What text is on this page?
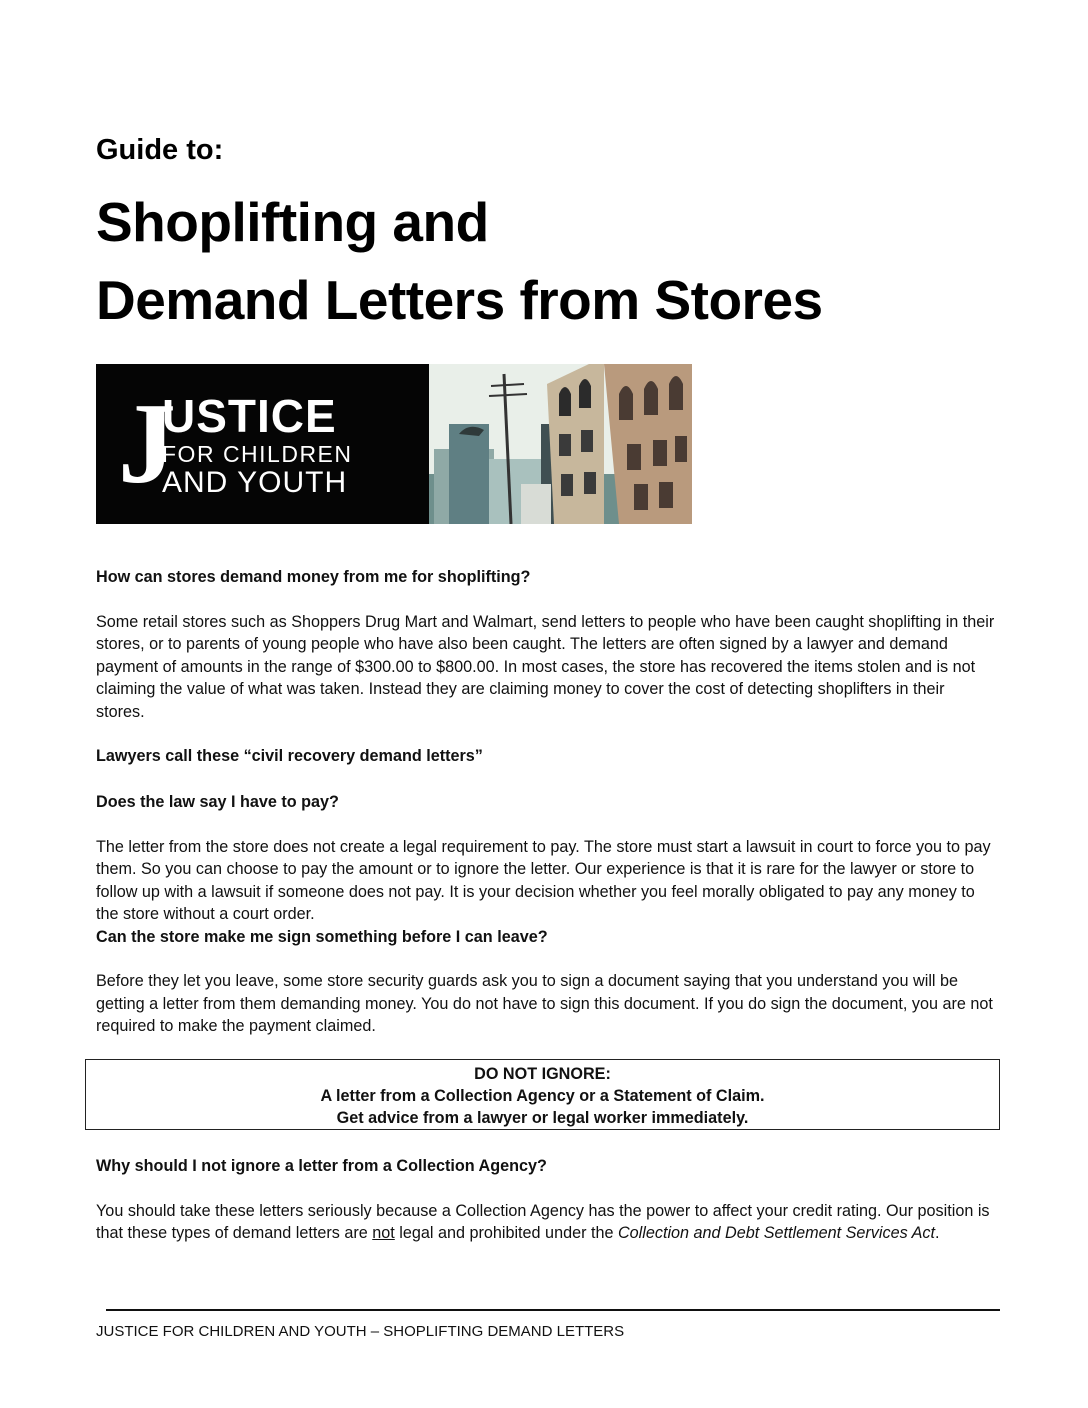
Guide to:
Shoplifting and
Demand Letters from Stores
J
USTICE
FOR CHILDREN
AND YOUTH

How can stores demand money from me for shoplifting?

Some retail stores such as Shoppers Drug Mart and Walmart, send letters to people who have been caught shoplifting in their stores, or to parents of young people who have also been caught. The letters are often signed by a lawyer and demand payment of amounts in the range of $300.00 to $800.00. In most cases, the store has recovered the items stolen and is not claiming the value of what was taken. Instead they are claiming money to cover the cost of detecting shoplifters in their stores.

Lawyers call these “civil recovery demand letters”

Does the law say I have to pay?

The letter from the store does not create a legal requirement to pay. The store must start a lawsuit in court to force you to pay them. So you can choose to pay the amount or to ignore the letter. Our experience is that it is rare for the lawyer or store to follow up with a lawsuit if someone does not pay. It is your decision whether you feel morally obligated to pay any money to the store without a court order.

Can the store make me sign something before I can leave?

Before they let you leave, some store security guards ask you to sign a document saying that you understand you will be getting a letter from them demanding money. You do not have to sign this document. If you do sign the document, you are not required to make the payment claimed.

DO NOT IGNORE:
A letter from a Collection Agency or a Statement of Claim.
Get advice from a lawyer or legal worker immediately.

Why should I not ignore a letter from a Collection Agency?

You should take these letters seriously because a Collection Agency has the power to affect your credit rating. Our position is that these types of demand letters are not legal and prohibited under the Collection and Debt Settlement Services Act.

JUSTICE FOR CHILDREN AND YOUTH – SHOPLIFTING DEMAND LETTERS
